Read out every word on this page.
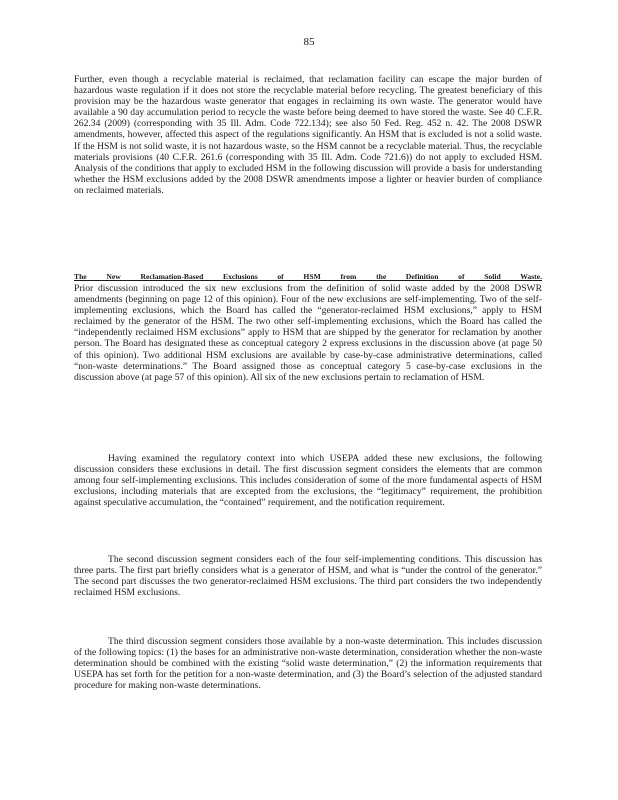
85

Further, even though a recyclable material is reclaimed, that reclamation facility can escape the major burden of hazardous waste regulation if it does not store the recyclable material before recycling. The greatest beneficiary of this provision may be the hazardous waste generator that engages in reclaiming its own waste. The generator would have available a 90 day accumulation period to recycle the waste before being deemed to have stored the waste. See 40 C.F.R. 262.34 (2009) (corresponding with 35 Ill. Adm. Code 722.134); see also 50 Fed. Reg. 452 n. 42. The 2008 DSWR amendments, however, affected this aspect of the regulations significantly. An HSM that is excluded is not a solid waste. If the HSM is not solid waste, it is not hazardous waste, so the HSM cannot be a recyclable material. Thus, the recyclable materials provisions (40 C.F.R. 261.6 (corresponding with 35 Ill. Adm. Code 721.6)) do not apply to excluded HSM. Analysis of the conditions that apply to excluded HSM in the following discussion will provide a basis for understanding whether the HSM exclusions added by the 2008 DSWR amendments impose a lighter or heavier burden of compliance on reclaimed materials.

The New Reclamation-Based Exclusions of HSM from the Definition of Solid Waste.

Prior discussion introduced the six new exclusions from the definition of solid waste added by the 2008 DSWR amendments (beginning on page 12 of this opinion). Four of the new exclusions are self-implementing. Two of the self-implementing exclusions, which the Board has called the “generator-reclaimed HSM exclusions,” apply to HSM reclaimed by the generator of the HSM. The two other self-implementing exclusions, which the Board has called the “independently reclaimed HSM exclusions” apply to HSM that are shipped by the generator for reclamation by another person. The Board has designated these as conceptual category 2 express exclusions in the discussion above (at page 50 of this opinion). Two additional HSM exclusions are available by case-by-case administrative determinations, called “non-waste determinations.” The Board assigned those as conceptual category 5 case-by-case exclusions in the discussion above (at page 57 of this opinion). All six of the new exclusions pertain to reclamation of HSM.

Having examined the regulatory context into which USEPA added these new exclusions, the following discussion considers these exclusions in detail. The first discussion segment considers the elements that are common among four self-implementing exclusions. This includes consideration of some of the more fundamental aspects of HSM exclusions, including materials that are excepted from the exclusions, the “legitimacy” requirement, the prohibition against speculative accumulation, the “contained” requirement, and the notification requirement.

The second discussion segment considers each of the four self-implementing conditions. This discussion has three parts. The first part briefly considers what is a generator of HSM, and what is “under the control of the generator.” The second part discusses the two generator-reclaimed HSM exclusions. The third part considers the two independently reclaimed HSM exclusions.

The third discussion segment considers those available by a non-waste determination. This includes discussion of the following topics: (1) the bases for an administrative non-waste determination, consideration whether the non-waste determination should be combined with the existing “solid waste determination,” (2) the information requirements that USEPA has set forth for the petition for a non-waste determination, and (3) the Board’s selection of the adjusted standard procedure for making non-waste determinations.
